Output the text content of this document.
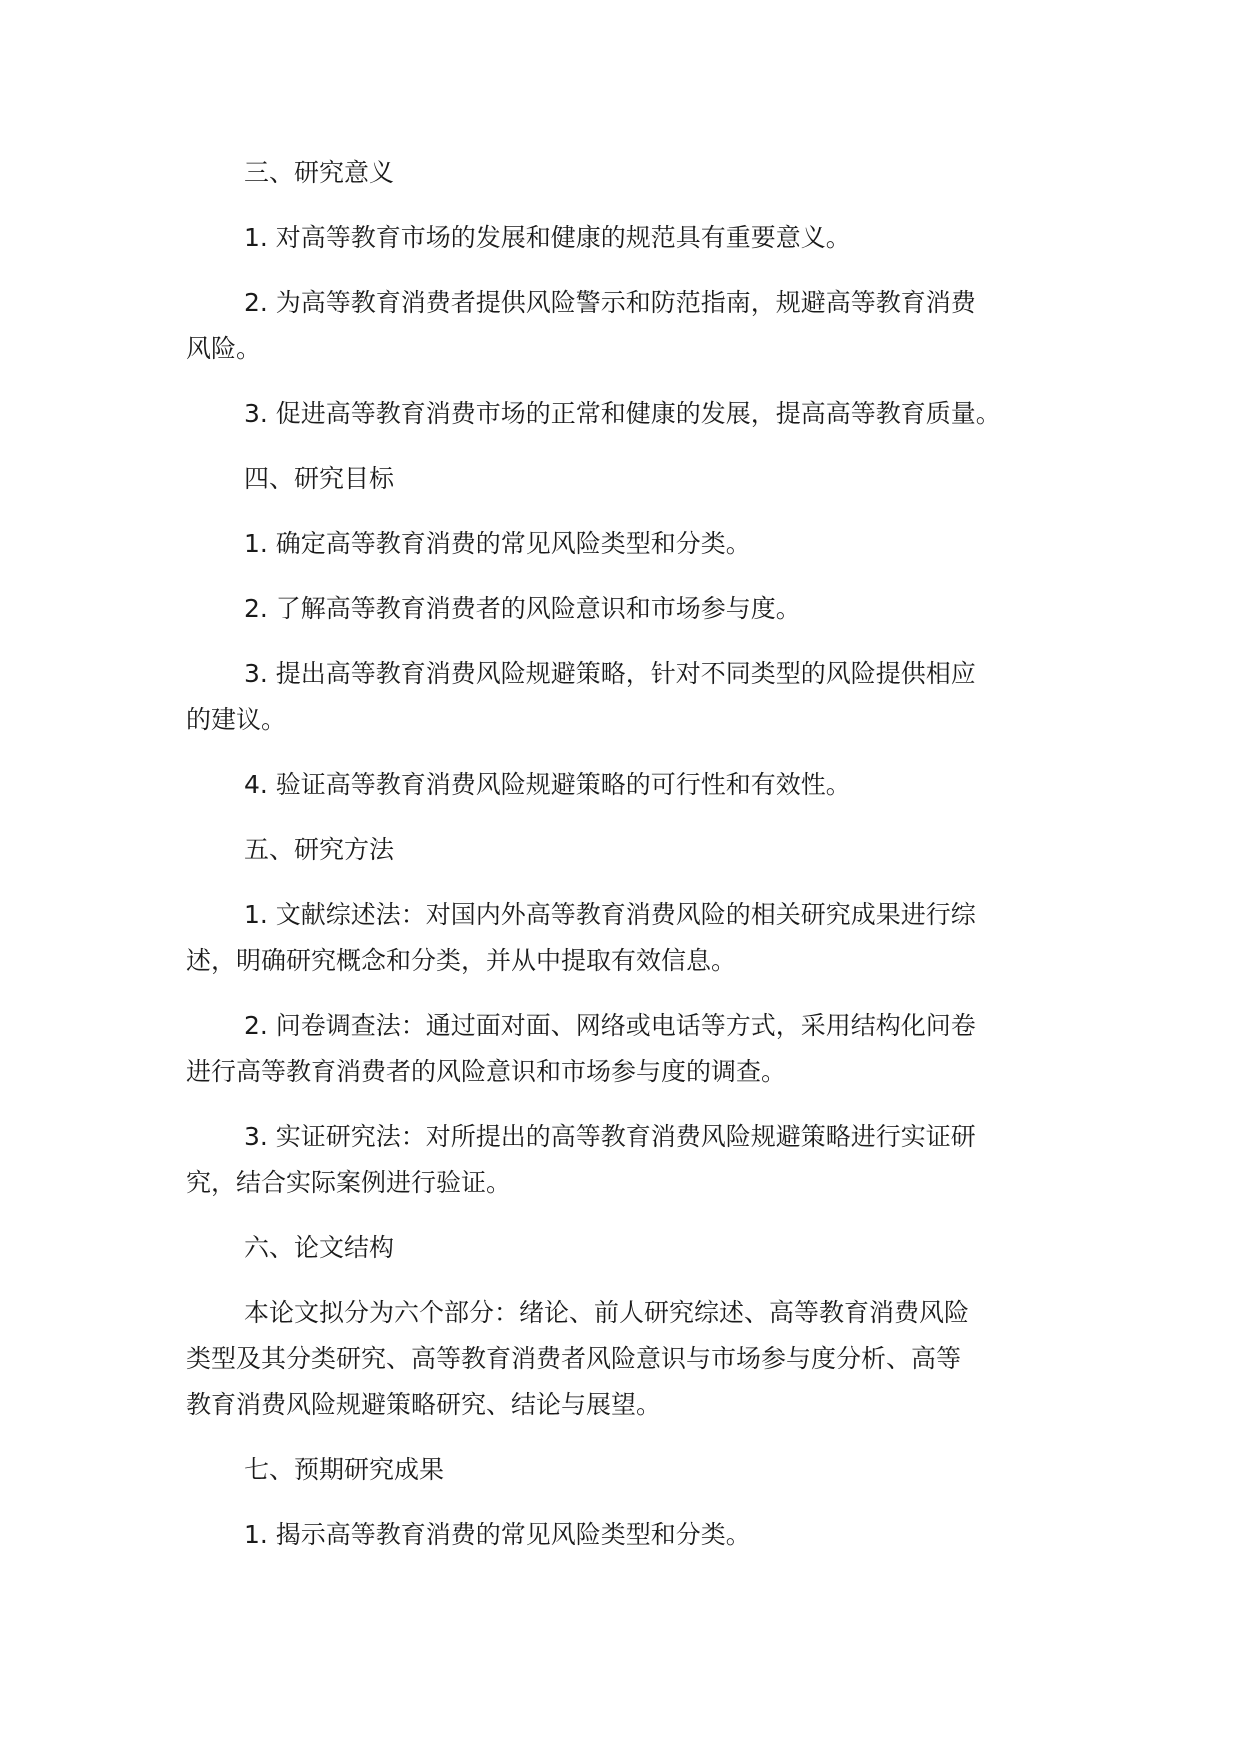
三、研究意义

1. 对高等教育市场的发展和健康的规范具有重要意义。

2. 为高等教育消费者提供风险警示和防范指南，规避高等教育消费
风险。

3. 促进高等教育消费市场的正常和健康的发展，提高高等教育质量。

四、研究目标

1. 确定高等教育消费的常见风险类型和分类。

2. 了解高等教育消费者的风险意识和市场参与度。

3. 提出高等教育消费风险规避策略，针对不同类型的风险提供相应
的建议。

4. 验证高等教育消费风险规避策略的可行性和有效性。

五、研究方法

1. 文献综述法：对国内外高等教育消费风险的相关研究成果进行综
述，明确研究概念和分类，并从中提取有效信息。

2. 问卷调查法：通过面对面、网络或电话等方式，采用结构化问卷
进行高等教育消费者的风险意识和市场参与度的调查。

3. 实证研究法：对所提出的高等教育消费风险规避策略进行实证研
究，结合实际案例进行验证。

六、论文结构

本论文拟分为六个部分：绪论、前人研究综述、高等教育消费风险
类型及其分类研究、高等教育消费者风险意识与市场参与度分析、高等
教育消费风险规避策略研究、结论与展望。

七、预期研究成果

1. 揭示高等教育消费的常见风险类型和分类。
